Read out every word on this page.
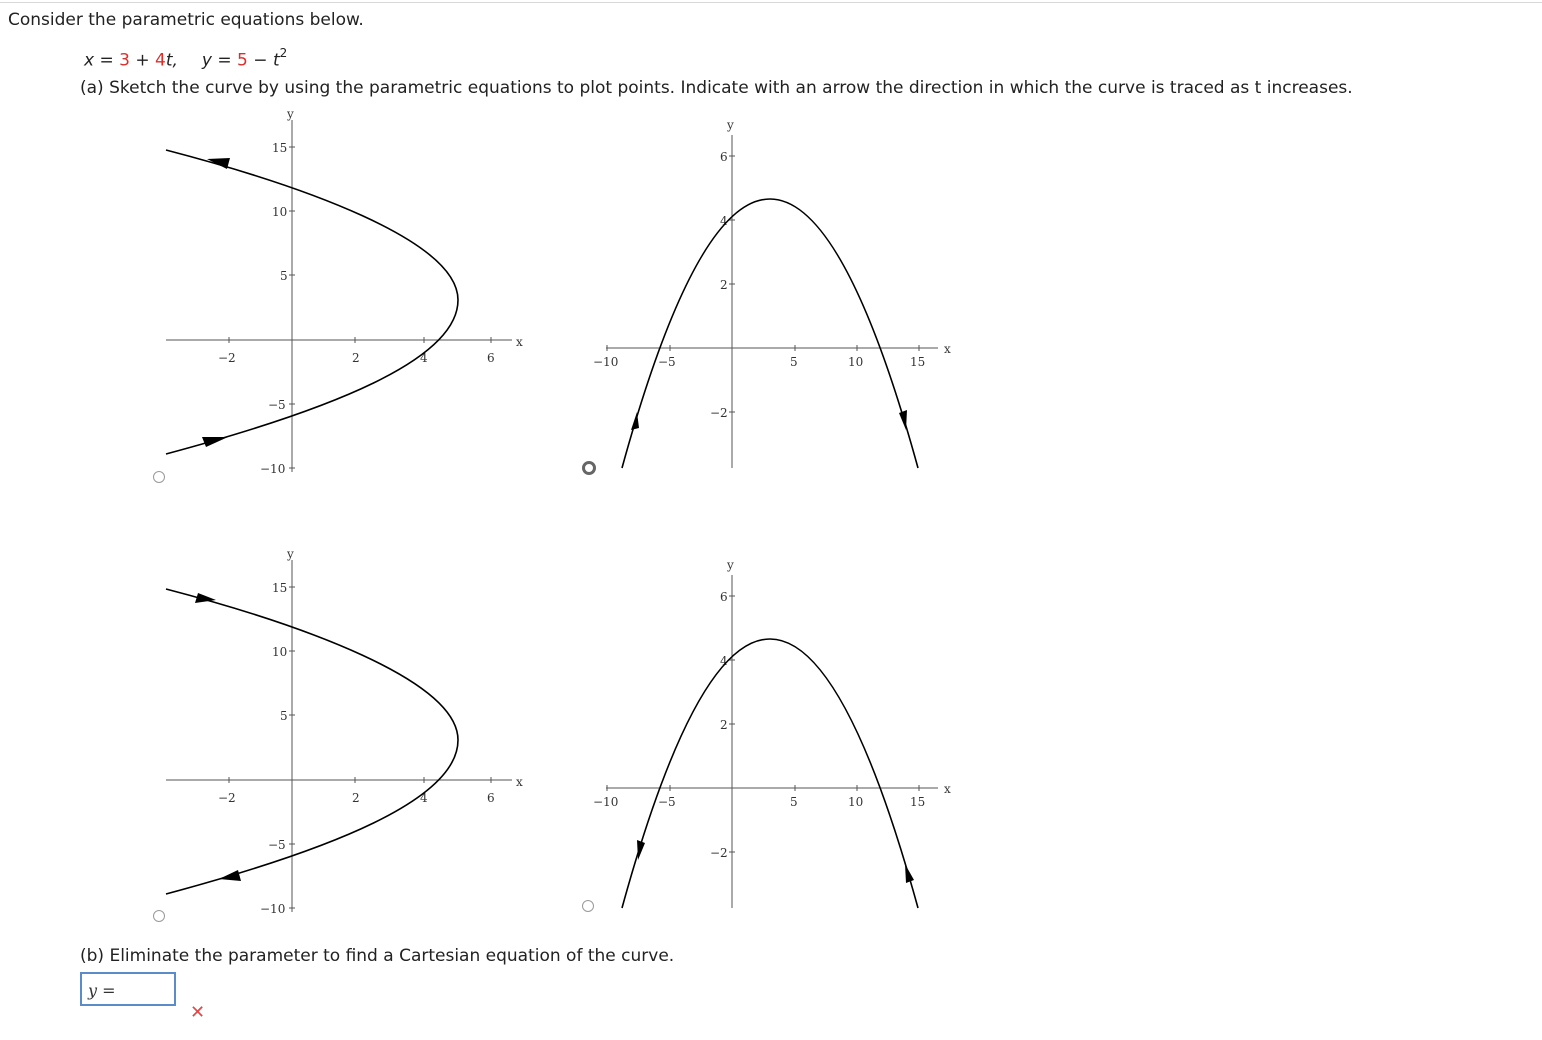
Consider the parametric equations below.
x = 3 + 4t, $y = 5 - t^2$
(a) Sketch the curve by using the parametric equations to plot points. Indicate with an arrow the direction in which the curve is traced as t increases.
y
x
−2	2	4	6
15
10
5
−5
−10
y
x
−10	−5	5	10	15
6
4
2
−2
y
x
−2	2	4	6
15
10
5
−5
−10
y
x
−10	−5	5	10	15
6
4
2
−2
(b) Eliminate the parameter to find a Cartesian equation of the curve.
y =
✕
